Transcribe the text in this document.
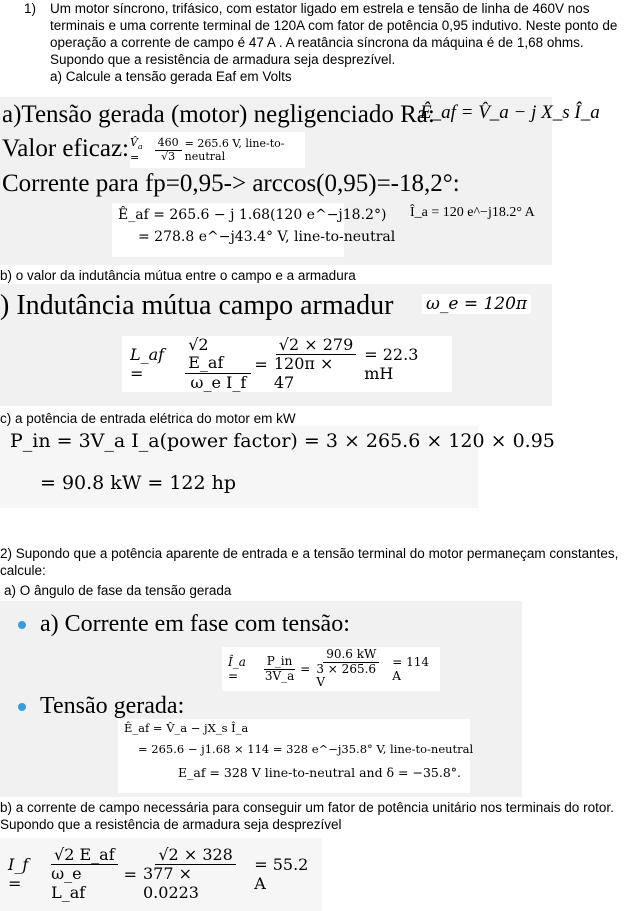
1) Um motor síncrono, trifásico, com estator ligado em estrela e tensão de linha de 460V nos terminais e uma corrente terminal de 120A com fator de potência 0,95 indutivo. Neste ponto de operação a corrente de campo é 47 A . A reatância síncrona da máquina é de 1,68 ohms. Supondo que a resistência de armadura seja desprezível.
a) Calcule a tensão gerada Eaf em Volts
a)Tensão gerada (motor) negligenciado Ra:
Ê_af = V̂_a − j X_s Î_a
Valor eficaz: $V̂_a$ =	$\frac{460}{√3} = 265.6$ V, line-to-neutral
Corrente para fp=0,95-> arccos(0,95)=-18,2°:
Ê_af = 265.6 − j 1.68(120 e^−j18.2°)
= 278.8 e^−j43.4° V, line-to-neutral
Î_a = 120 e^−j18.2° A
b) o valor da indutância mútua entre o campo e a armadura
) Indutância mútua campo armadur ω_e = 120π
L_af =	$\frac{√2 E\_af}{\text{ω\_e I\_f}} = \frac{√2 \times 279}{120\pi \times 47} = 22.3$ mH
c) a potência de entrada elétrica do motor em kW
P_in = 3V_a I_a(power factor) = 3 × 265.6 × 120 × 0.95
= 90.8 kW = 122 hp
2) Supondo que a potência aparente de entrada e a tensão terminal do motor permaneçam constantes, calcule:
a) O ângulo de fase da tensão gerada
a) Corrente em fase com tensão:
Î_a =	$\frac{P\_in}{3V\_a} = \frac{90.6 kW}{3 \times 265.6 V} = 114$ A
Tensão gerada:
Ê_af = V̂_a − jX_s Î_a
= 265.6 − j1.68 × 114 = 328 e^−j35.8° V, line-to-neutral
E_af = 328 V line-to-neutral and δ = −35.8°.
b) a corrente de campo necessária para conseguir um fator de potência unitário nos terminais do rotor. Supondo que a resistência de armadura seja desprezível
I_f =	$\frac{√2 E\_af}{\text{ω\_e L\_af}} = \frac{√2 \times 328}{377 \times 0.0223} = 55.2$ A
